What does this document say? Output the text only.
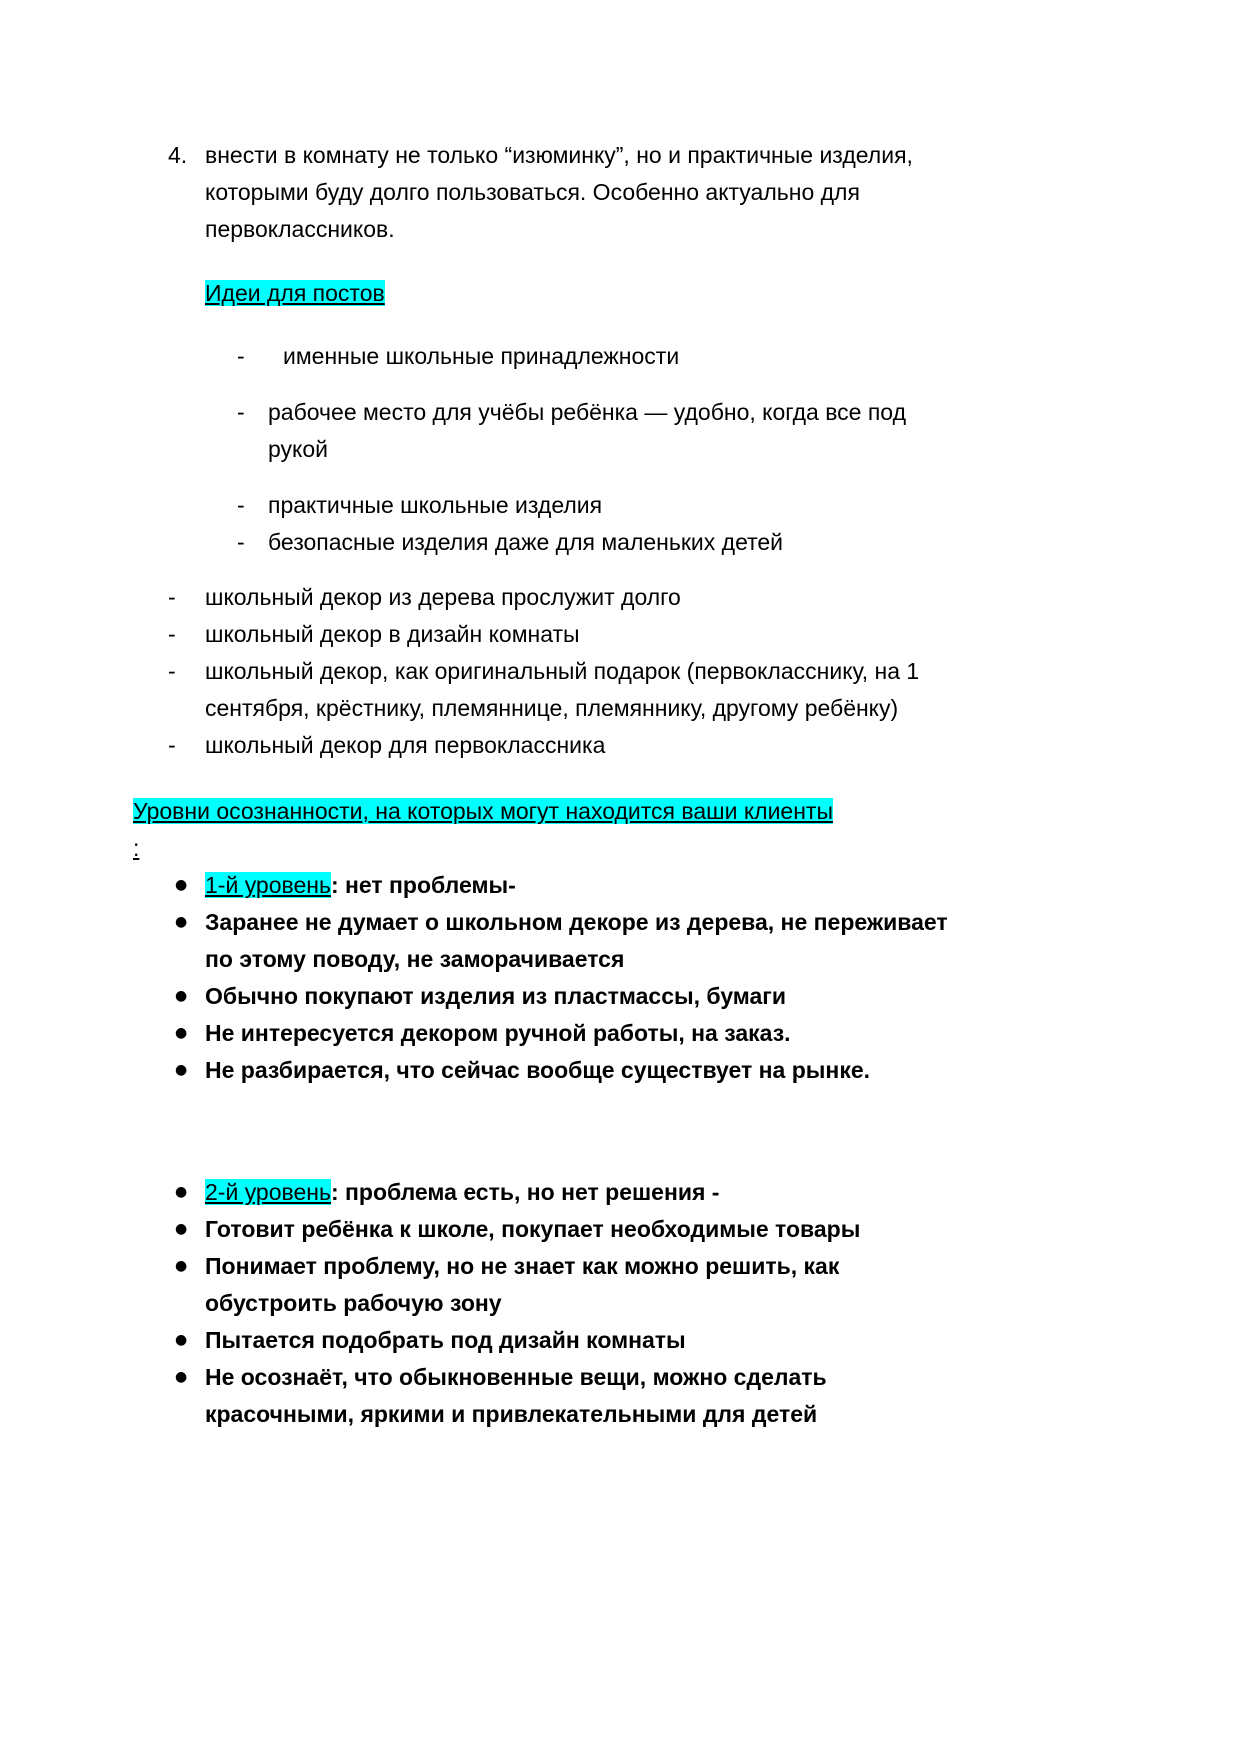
4. внести в комнату не только “изюминку”, но и практичные изделия, которыми буду долго пользоваться. Особенно актуально для первоклассников.
Идеи для постов
-	именные школьные принадлежности
-	рабочее место для учёбы ребёнка — удобно, когда все под рукой
-	практичные школьные изделия
-	безопасные изделия даже для маленьких детей
-	школьный декор из дерева прослужит долго
-	школьный декор в дизайн комнаты
-	школьный декор, как оригинальный подарок (первокласснику, на 1 сентября, крёстнику, племяннице, племяннику, другому ребёнку)
-	школьный декор для первоклассника
Уровни осознанности, на которых могут находится ваши клиенты
:
● 1-й уровень: нет проблемы-
● Заранее не думает о школьном декоре из дерева, не переживает по этому поводу, не заморачивается
● Обычно покупают изделия из пластмассы, бумаги
● Не интересуется декором ручной работы, на заказ.
● Не разбирается, что сейчас вообще существует на рынке.
● 2-й уровень: проблема есть, но нет решения -
● Готовит ребёнка к школе, покупает необходимые товары
● Понимает проблему, но не знает как можно решить, как обустроить рабочую зону
● Пытается подобрать под дизайн комнаты
● Не осознаёт, что обыкновенные вещи, можно сделать красочными, яркими и привлекательными для детей
